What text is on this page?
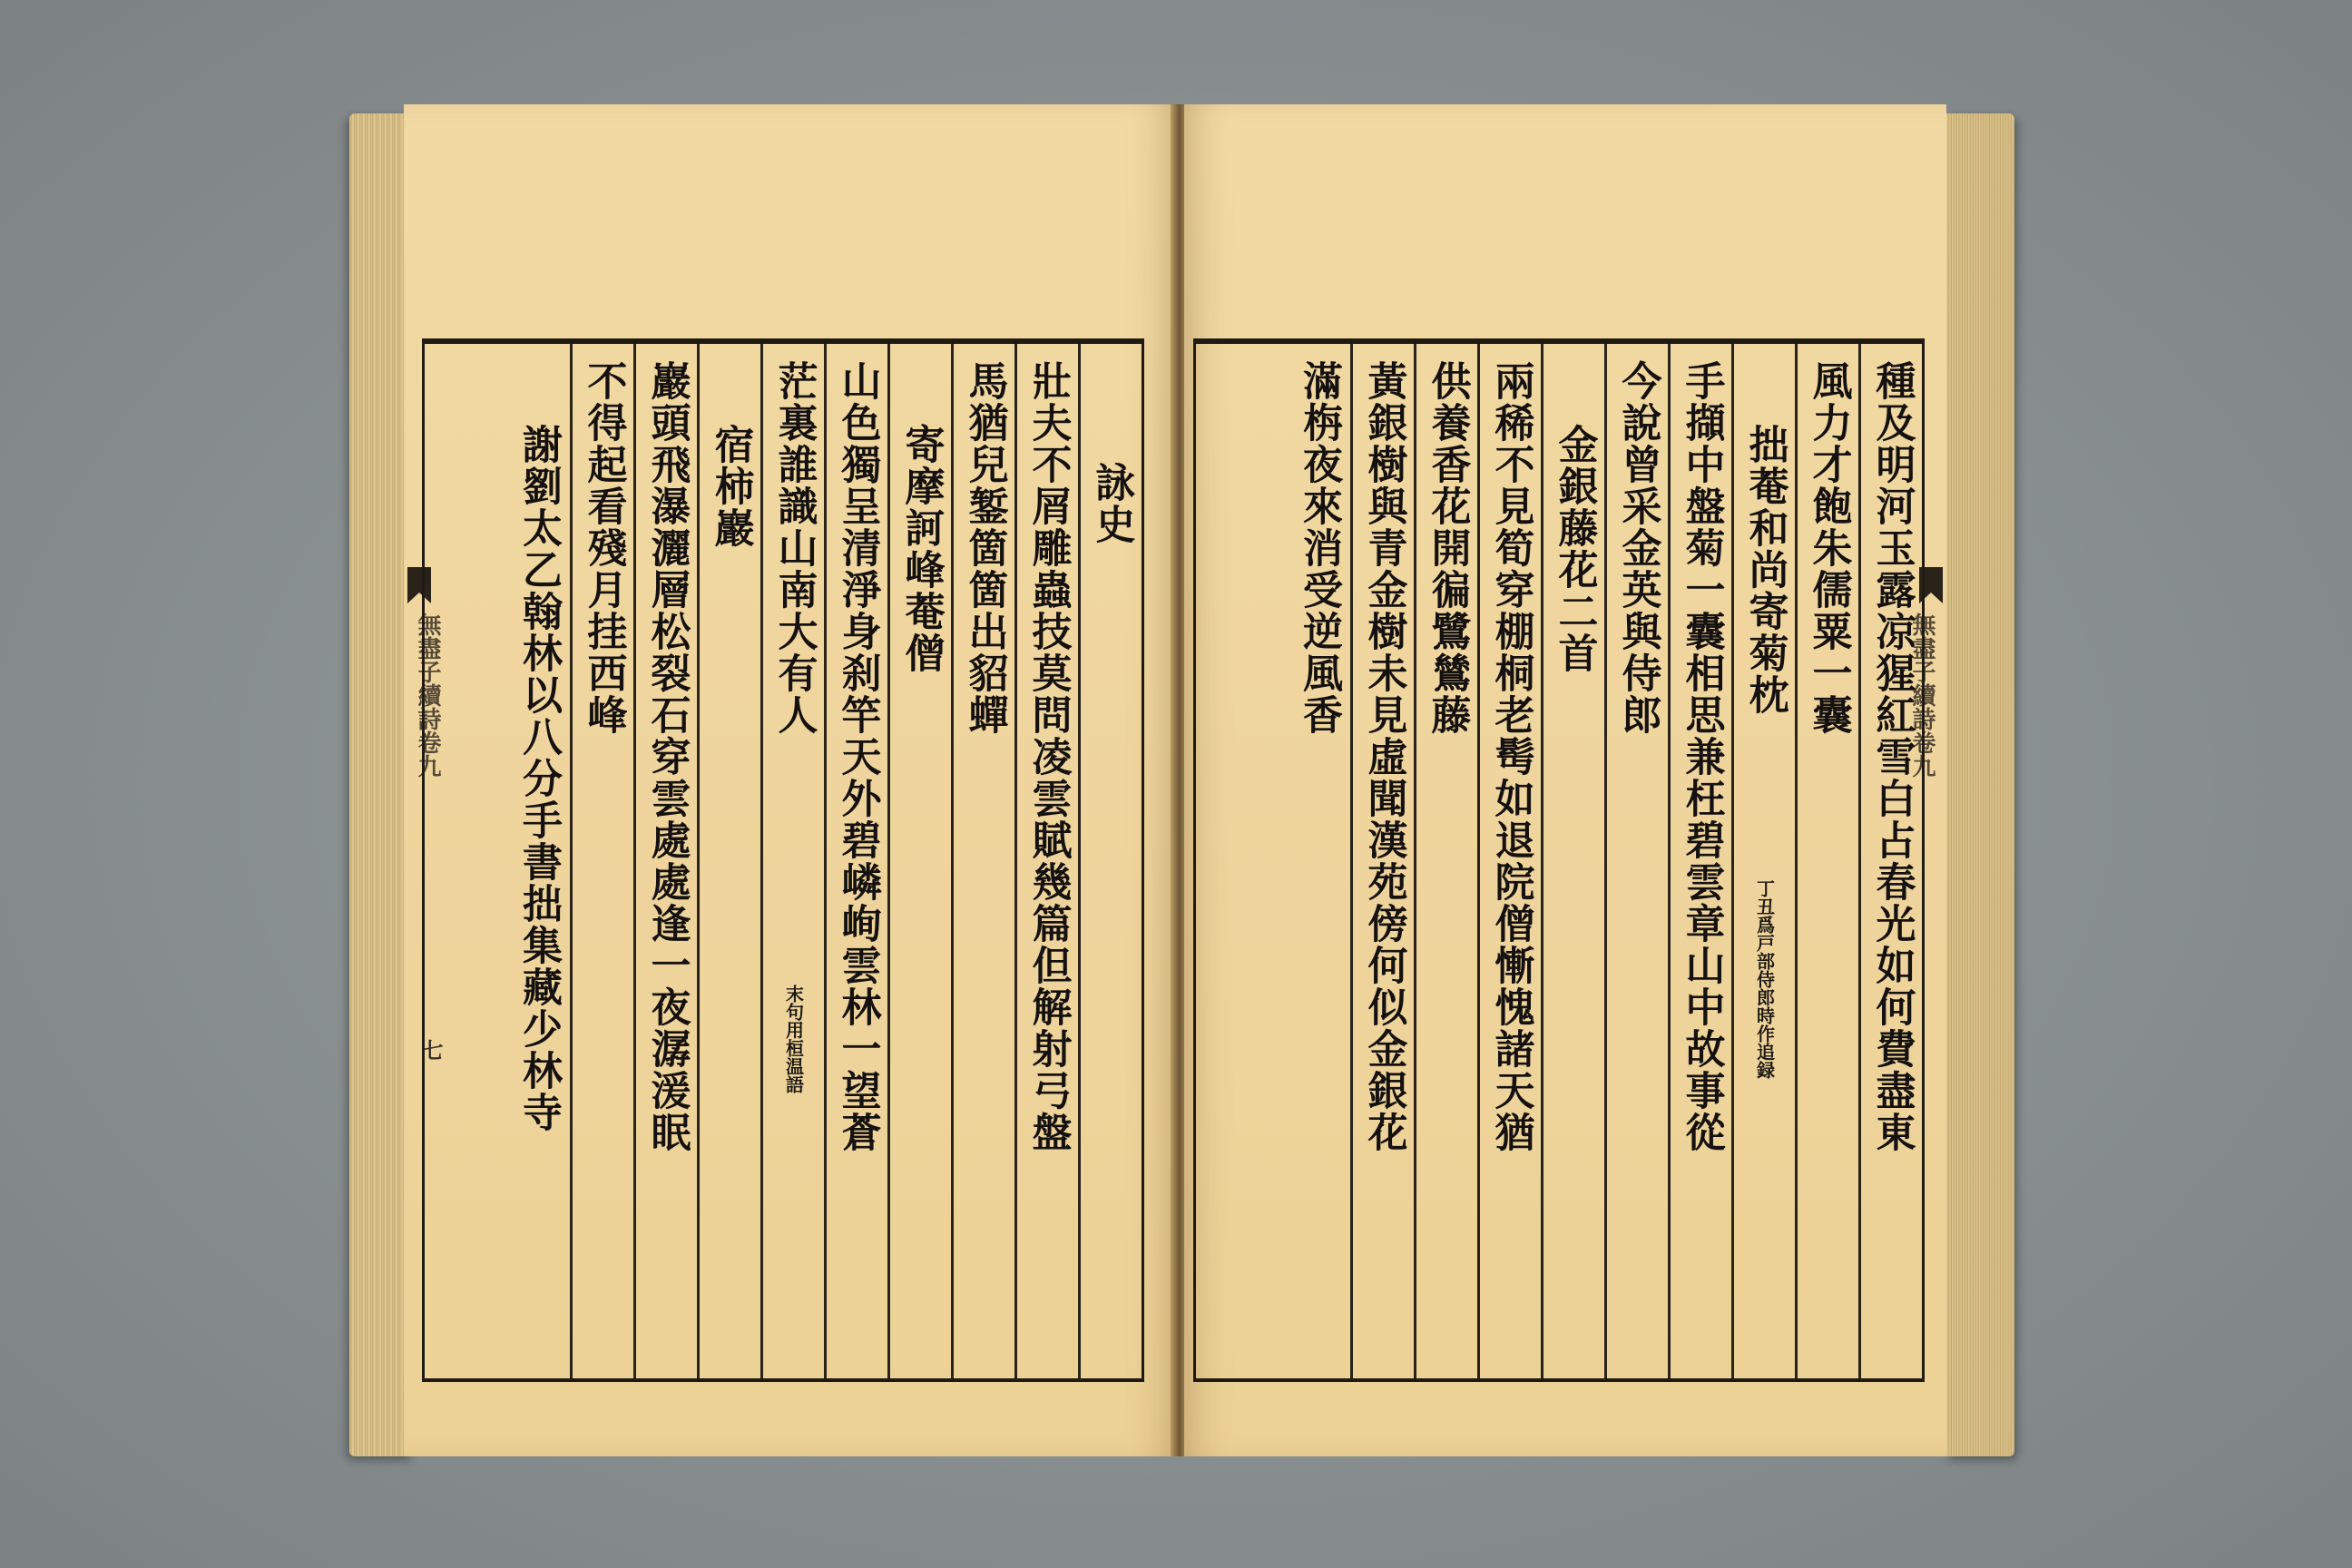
無盡子續詩卷九
七
詠史
壯夫不屑雕蟲技莫問凌雲賦幾篇但解射弓盤
馬猶兒錾箇箇出貂蟬
寄摩訶峰菴僧
山色獨呈清淨身刹竿天外碧嶙峋雲林一望蒼
茫裏誰識山南大有人
末句用桓温語
宿柿巖
巖頭飛瀑灑層松裂石穿雲處處逢一夜潺湲眠
不得起看殘月挂西峰
謝劉太乙翰林以八分手書拙集藏少林寺	無盡子續詩卷九
種及明河玉露凉猩紅雪白占春光如何費盡東
風力才飽朱儒粟一囊
拙菴和尚寄菊枕
丁丑爲戸部侍郎時作追録
手擷中盤菊一囊相思兼枉碧雲章山中故事從
今說曾采金英與侍郎
金銀藤花二首
兩稀不見筍穿棚桐老髩如退院僧慚愧諸天猶
供養香花開徧鷺鷥藤
黃銀樹與青金樹未見虛聞漢苑傍何似金銀花
滿栴夜來消受逆風香
